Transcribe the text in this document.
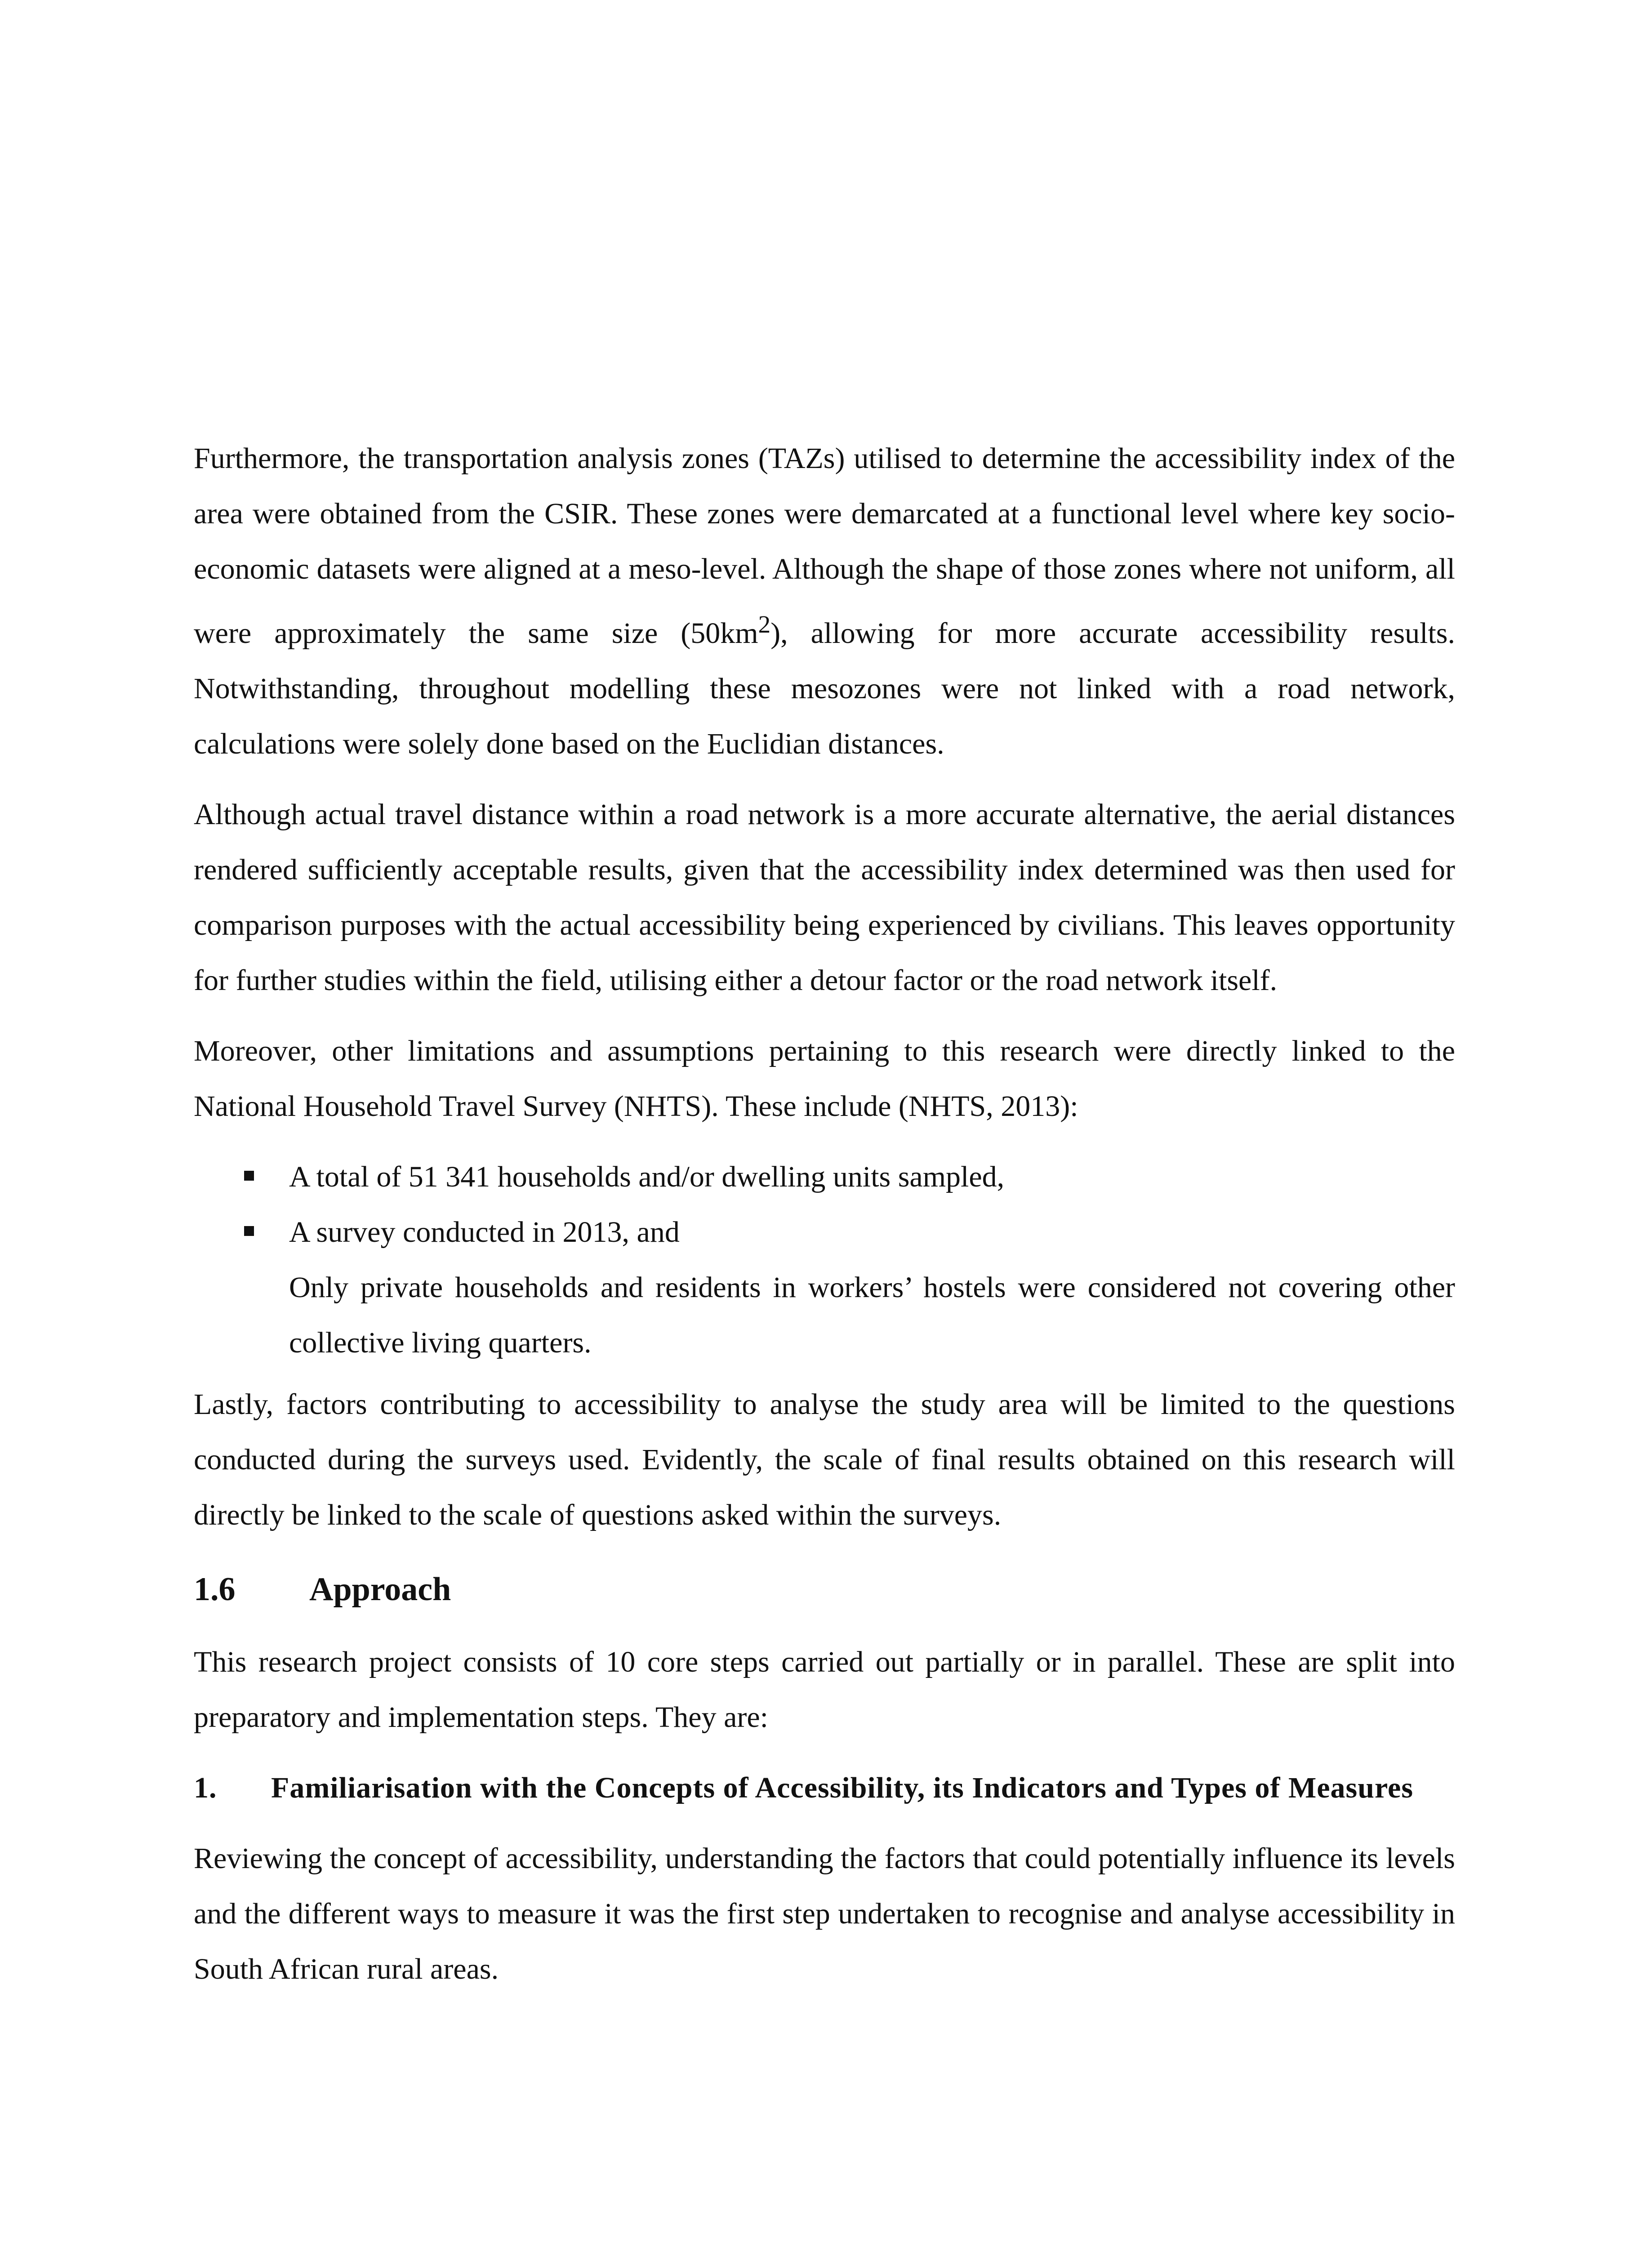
Furthermore, the transportation analysis zones (TAZs) utilised to determine the accessibility index of the area were obtained from the CSIR. These zones were demarcated at a functional level where key socio-economic datasets were aligned at a meso-level. Although the shape of those zones where not uniform, all were approximately the same size $(50km^2)$, allowing for more accurate accessibility results. Notwithstanding, throughout modelling these mesozones were not linked with a road network, calculations were solely done based on the Euclidian distances.

Although actual travel distance within a road network is a more accurate alternative, the aerial distances rendered sufficiently acceptable results, given that the accessibility index determined was then used for comparison purposes with the actual accessibility being experienced by civilians. This leaves opportunity for further studies within the field, utilising either a detour factor or the road network itself.

Moreover, other limitations and assumptions pertaining to this research were directly linked to the National Household Travel Survey (NHTS). These include (NHTS, 2013):

A total of 51 341 households and/or dwelling units sampled,
A survey conducted in 2013, and
Only private households and residents in workers’ hostels were considered not covering other collective living quarters.

Lastly, factors contributing to accessibility to analyse the study area will be limited to the questions conducted during the surveys used. Evidently, the scale of final results obtained on this research will directly be linked to the scale of questions asked within the surveys.

1.6 Approach

This research project consists of 10 core steps carried out partially or in parallel. These are split into preparatory and implementation steps. They are:

1. Familiarisation with the Concepts of Accessibility, its Indicators and Types of Measures

Reviewing the concept of accessibility, understanding the factors that could potentially influence its levels and the different ways to measure it was the first step undertaken to recognise and analyse accessibility in South African rural areas.
